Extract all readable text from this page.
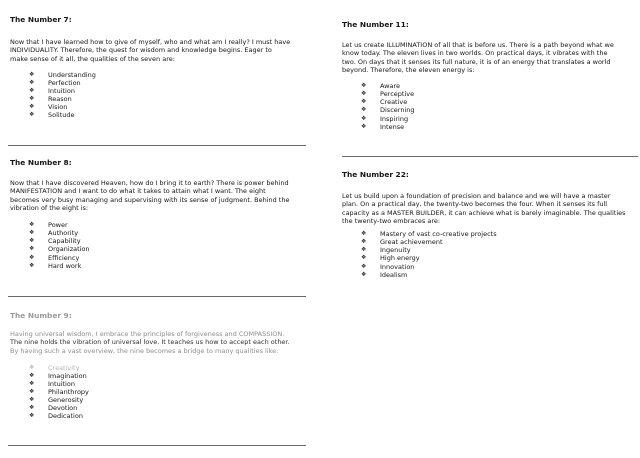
The Number 7:

Now that I have learned how to give of myself, who and what am I really? I must have

INDIVIDUALITY. Therefore, the quest for wisdom and knowledge begins. Eager to

make sense of it all, the qualities of the seven are:

❖	Understanding
❖	Perfection
❖	Intuition
❖	Reason
❖	Vision
❖	Solitude
The Number 8:

Now that I have discovered Heaven, how do I bring it to earth? There is power behind

MANIFESTATION and I want to do what it takes to attain what I want. The eight

becomes very busy managing and supervising with its sense of judgment. Behind the

vibration of the eight is:

❖	Power
❖	Authority
❖	Capability
❖	Organization
❖	Efficiency
❖	Hard work
The Number 9:

Having universal wisdom, I embrace the principles of forgiveness and COMPASSION.

The nine holds the vibration of universal love. It teaches us how to accept each other.

By having such a vast overview, the nine becomes a bridge to many qualities like:

❖	Creativity
❖	Imagination
❖	Intuition
❖	Philanthropy
❖	Generosity
❖	Devotion
❖	Dedication
The Number 11:

Let us create ILLUMINATION of all that is before us. There is a path beyond what we

know today. The eleven lives in two worlds. On practical days, it vibrates with the

two. On days that it senses its full nature, it is of an energy that translates a world

beyond. Therefore, the eleven energy is:

❖	Aware
❖	Perceptive
❖	Creative
❖	Discerning
❖	Inspiring
❖	Intense
The Number 22:

Let us build upon a foundation of precision and balance and we will have a master

plan. On a practical day, the twenty-two becomes the four. When it senses its full

capacity as a MASTER BUILDER, it can achieve what is barely imaginable. The qualities

the twenty-two embraces are:

❖	Mastery of vast co-creative projects
❖	Great achievement
❖	Ingenuity
❖	High energy
❖	Innovation
❖	Idealism
